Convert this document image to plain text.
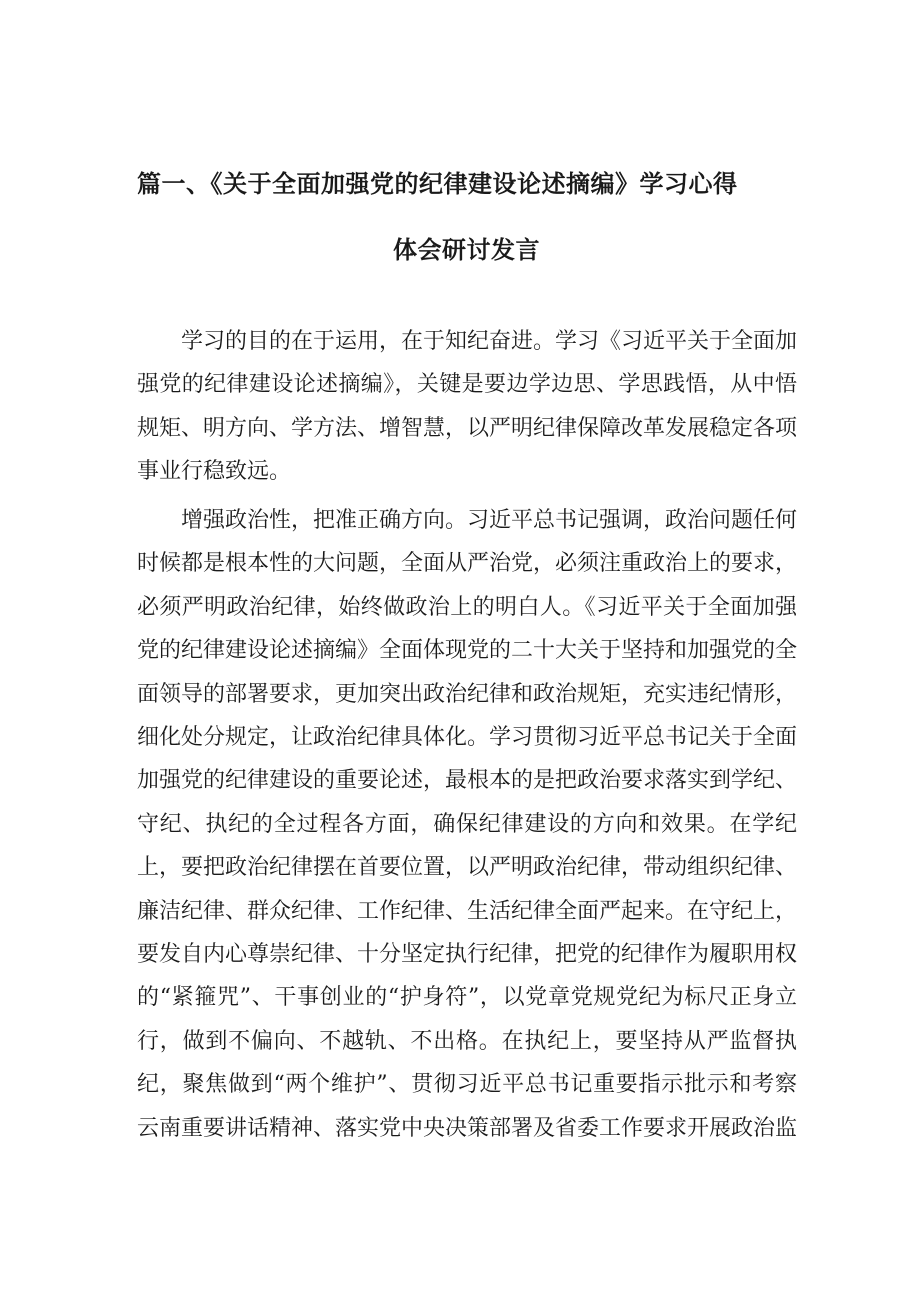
篇一、《关于全面加强党的纪律建设论述摘编》学习心得
体会研讨发言

学习的目的在于运用，在于知纪奋进。学习《习近平关于全面加强党的纪律建设论述摘编》，关键是要边学边思、学思践悟，从中悟规矩、明方向、学方法、增智慧，以严明纪律保障改革发展稳定各项事业行稳致远。

增强政治性，把准正确方向。习近平总书记强调，政治问题任何时候都是根本性的大问题，全面从严治党，必须注重政治上的要求，必须严明政治纪律，始终做政治上的明白人。《习近平关于全面加强党的纪律建设论述摘编》全面体现党的二十大关于坚持和加强党的全面领导的部署要求，更加突出政治纪律和政治规矩，充实违纪情形，细化处分规定，让政治纪律具体化。学习贯彻习近平总书记关于全面加强党的纪律建设的重要论述，最根本的是把政治要求落实到学纪、守纪、执纪的全过程各方面，确保纪律建设的方向和效果。在学纪上，要把政治纪律摆在首要位置，以严明政治纪律，带动组织纪律、廉洁纪律、群众纪律、工作纪律、生活纪律全面严起来。在守纪上，要发自内心尊崇纪律、十分坚定执行纪律，把党的纪律作为履职用权的“紧箍咒”、干事创业的“护身符”，以党章党规党纪为标尺正身立行，做到不偏向、不越轨、不出格。在执纪上，要坚持从严监督执纪，聚焦做到“两个维护”、贯彻习近平总书记重要指示批示和考察云南重要讲话精神、落实党中央决策部署及省委工作要求开展政治监
